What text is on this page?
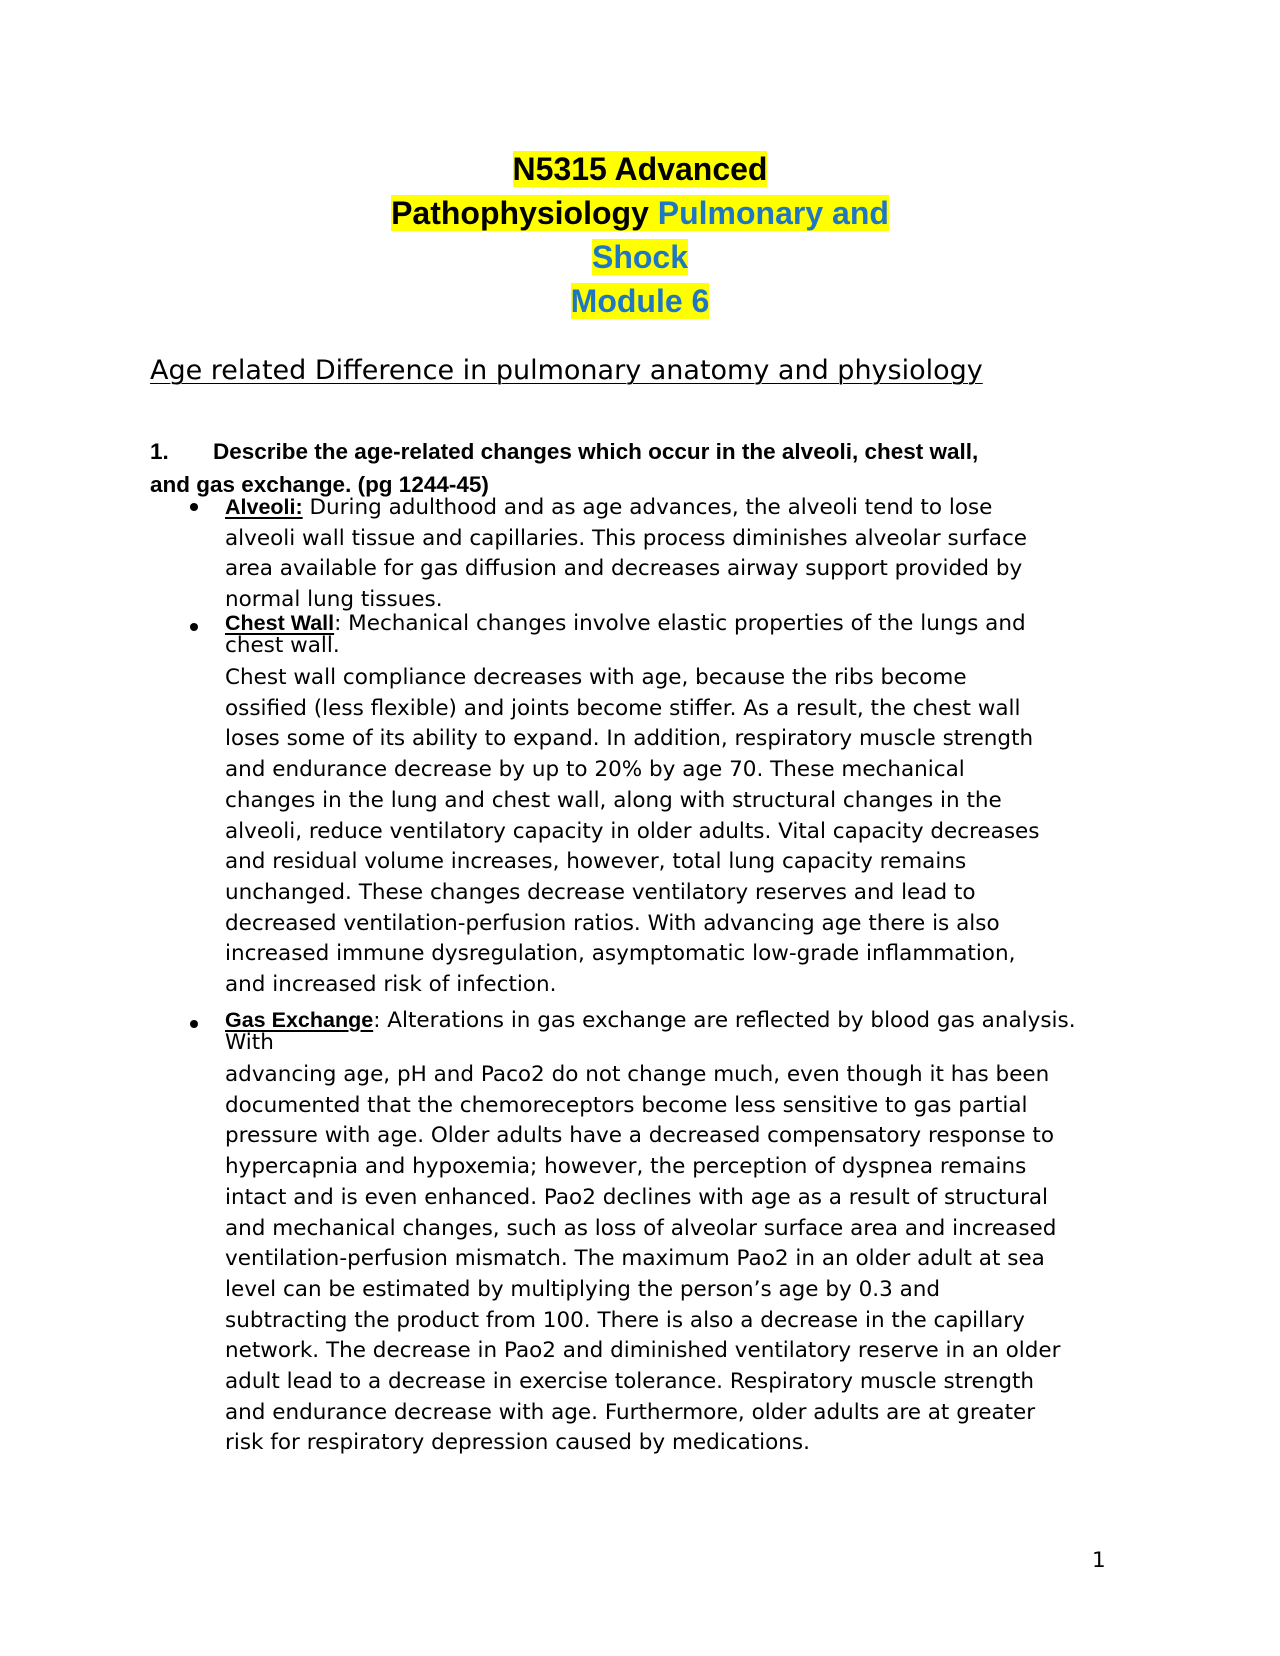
N5315 Advanced
Pathophysiology Pulmonary and
Shock
Module 6
Age related Difference in pulmonary anatomy and physiology
1. Describe the age-related changes which occur in the alveoli, chest wall,
and gas exchange. (pg 1244-45)
Alveoli: During adulthood and as age advances, the alveoli tend to lose
alveoli wall tissue and capillaries. This process diminishes alveolar surface
area available for gas diffusion and decreases airway support provided by
normal lung tissues.
Chest Wall: Mechanical changes involve elastic properties of the lungs and
chest wall.
Chest wall compliance decreases with age, because the ribs become
ossified (less flexible) and joints become stiffer. As a result, the chest wall
loses some of its ability to expand. In addition, respiratory muscle strength
and endurance decrease by up to 20% by age 70. These mechanical
changes in the lung and chest wall, along with structural changes in the
alveoli, reduce ventilatory capacity in older adults. Vital capacity decreases
and residual volume increases, however, total lung capacity remains
unchanged. These changes decrease ventilatory reserves and lead to
decreased ventilation-perfusion ratios. With advancing age there is also
increased immune dysregulation, asymptomatic low-grade inflammation,
and increased risk of infection.
Gas Exchange: Alterations in gas exchange are reflected by blood gas analysis.
With
advancing age, pH and Paco2 do not change much, even though it has been
documented that the chemoreceptors become less sensitive to gas partial
pressure with age. Older adults have a decreased compensatory response to
hypercapnia and hypoxemia; however, the perception of dyspnea remains
intact and is even enhanced. Pao2 declines with age as a result of structural
and mechanical changes, such as loss of alveolar surface area and increased
ventilation-perfusion mismatch. The maximum Pao2 in an older adult at sea
level can be estimated by multiplying the person’s age by 0.3 and
subtracting the product from 100. There is also a decrease in the capillary
network. The decrease in Pao2 and diminished ventilatory reserve in an older
adult lead to a decrease in exercise tolerance. Respiratory muscle strength
and endurance decrease with age. Furthermore, older adults are at greater
risk for respiratory depression caused by medications.
1
